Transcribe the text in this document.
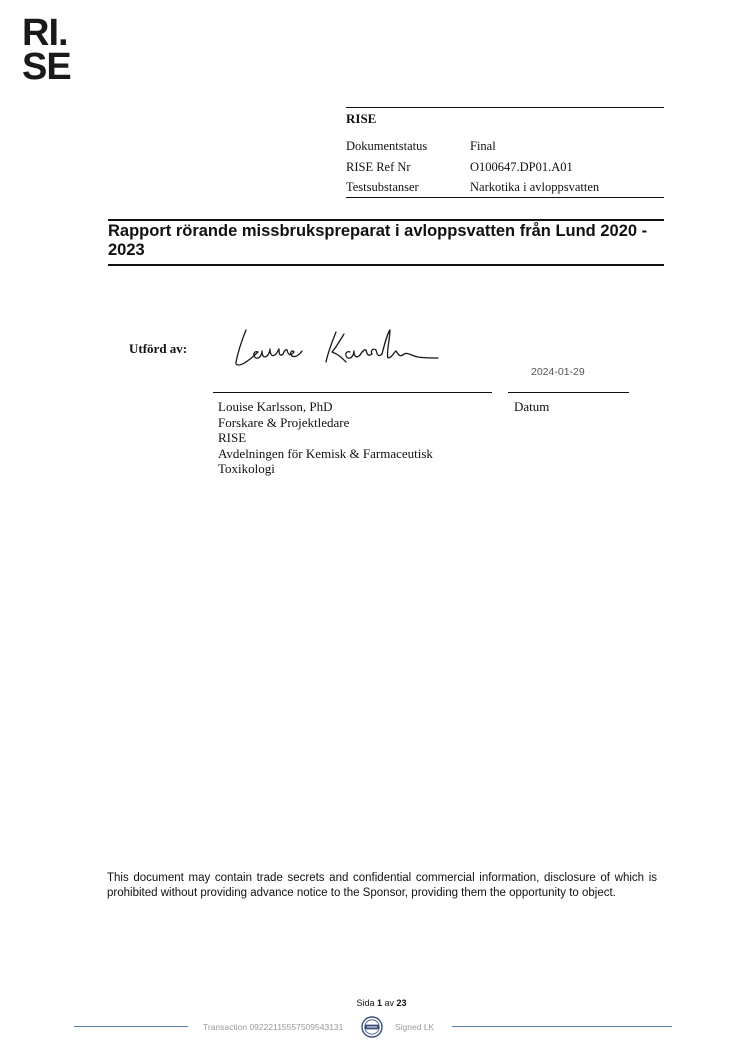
RI.
SE
RISE
Dokumentstatus	Final
RISE Ref Nr	O100647.DP01.A01
Testsubstanser	Narkotika i avloppsvatten
Rapport rörande missbrukspreparat i avloppsvatten från Lund 2020 - 2023
Utförd av:
2024-01-29
Louise Karlsson, PhD
Forskare & Projektledare
RISE
Avdelningen för Kemisk & Farmaceutisk
Toxikologi
Datum
This document may contain trade secrets and confidential commercial information, disclosure of which is prohibited without providing advance notice to the Sponsor, providing them the opportunity to object.
Sida 1 av 23
Transaction 09222115557509543131	Signed LK
